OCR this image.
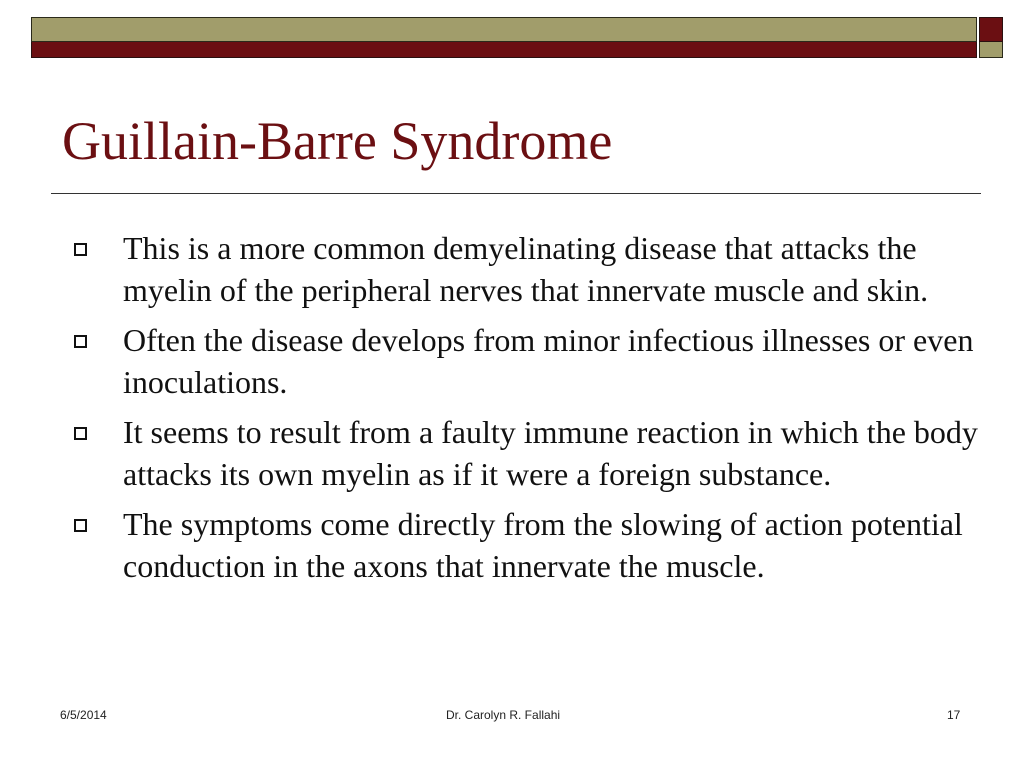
Guillain-Barre Syndrome
This is a more common demyelinating disease that attacks the myelin of the peripheral nerves that innervate muscle and skin.
Often the disease develops from minor infectious illnesses or even inoculations.
It seems to result from a faulty immune reaction in which the body attacks its own myelin as if it were a foreign substance.
The symptoms come directly from the slowing of action potential conduction in the axons that innervate the muscle.
6/5/2014	Dr. Carolyn R. Fallahi	17
